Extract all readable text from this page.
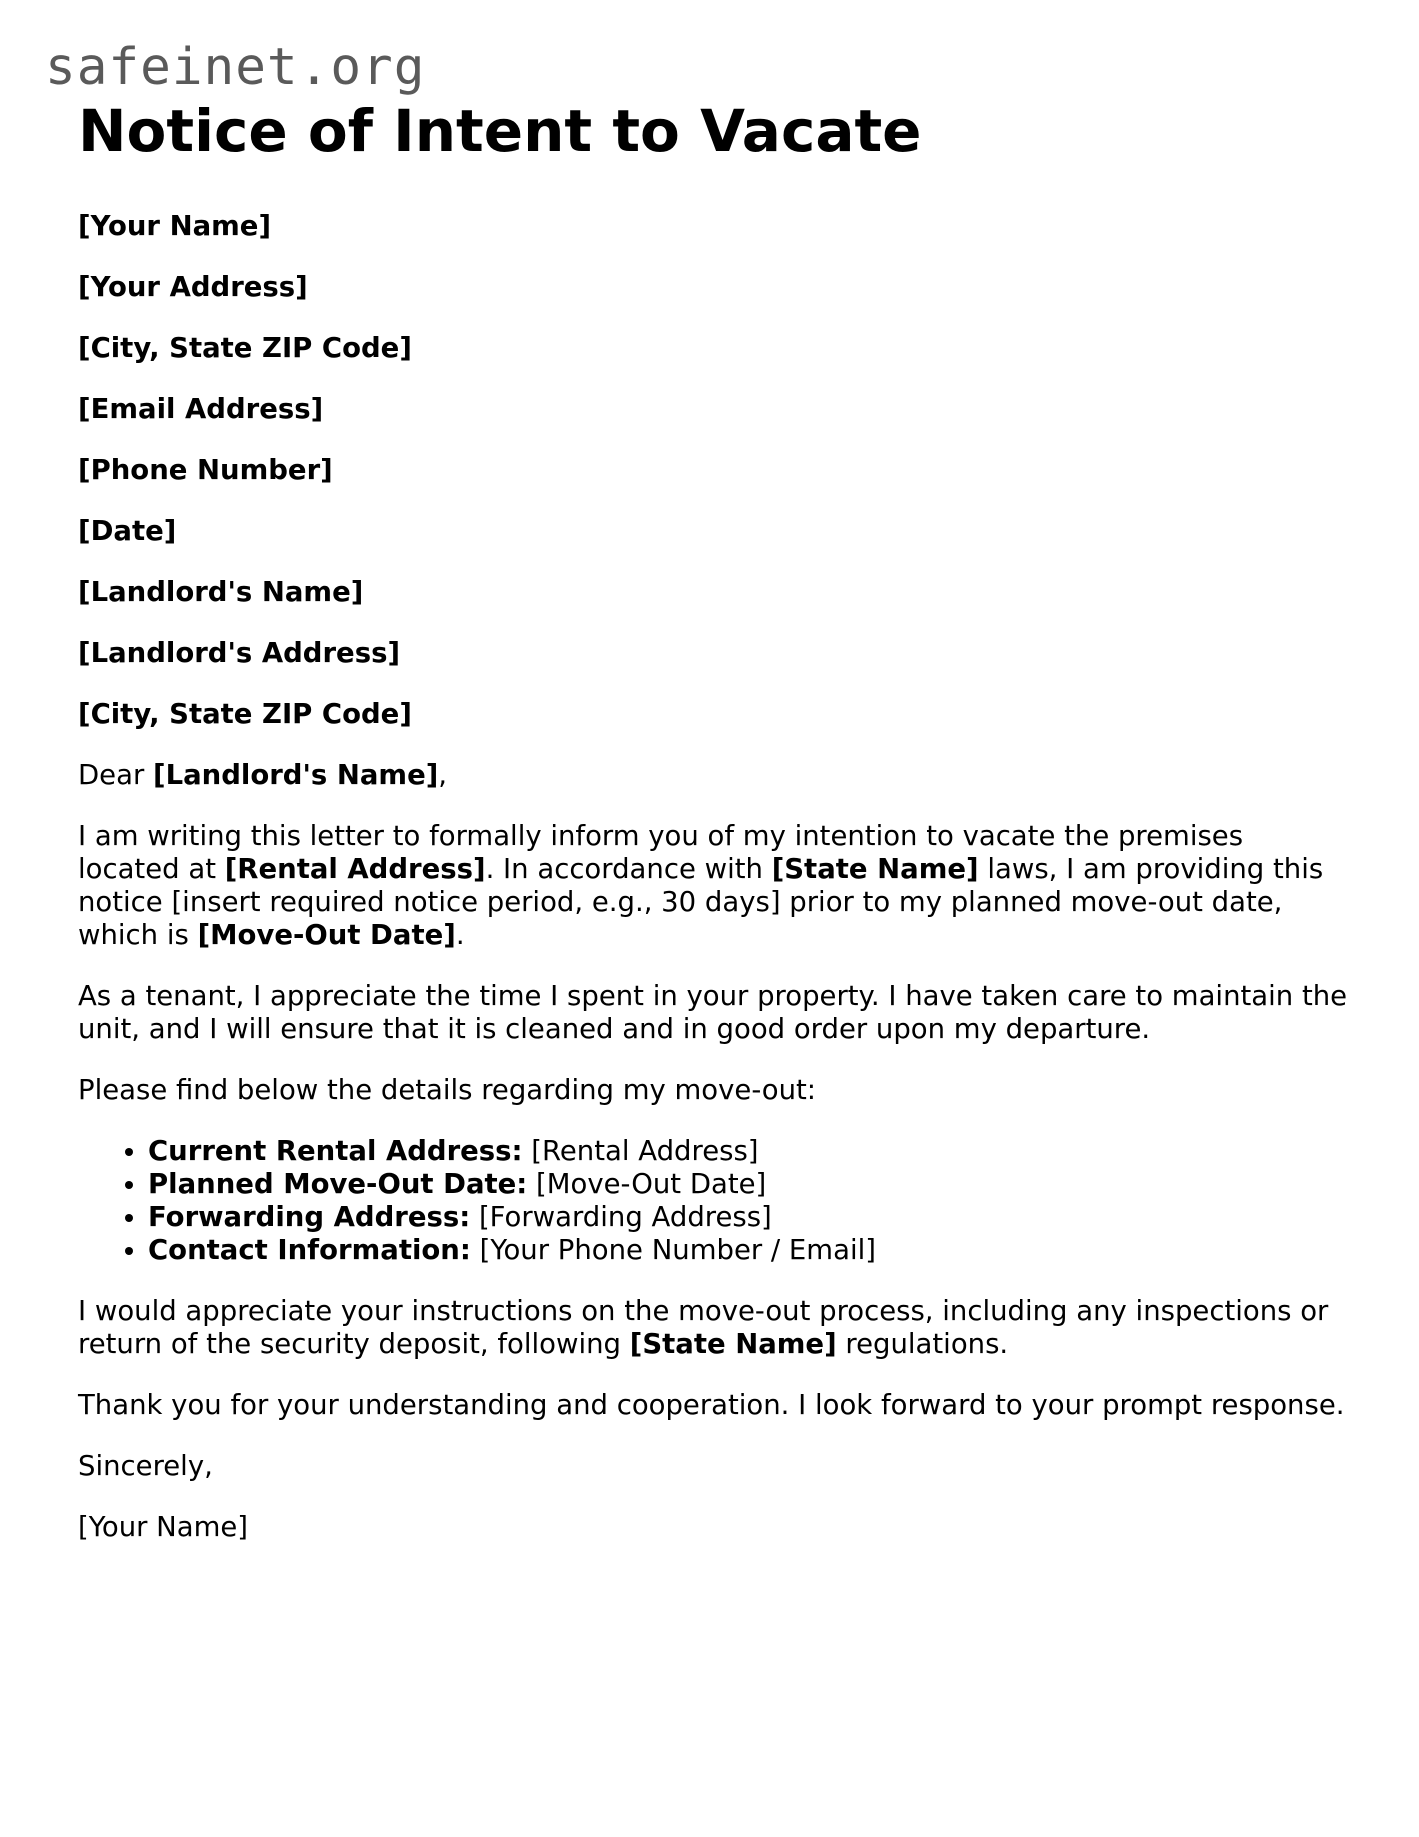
safeinet.org
Notice of Intent to Vacate
[Your Name]
[Your Address]
[City, State ZIP Code]
[Email Address]
[Phone Number]
[Date]
[Landlord's Name]
[Landlord's Address]
[City, State ZIP Code]

Dear [Landlord's Name],

I am writing this letter to formally inform you of my intention to vacate the premises located at [Rental Address]. In accordance with [State Name] laws, I am providing this notice [insert required notice period, e.g., 30 days] prior to my planned move-out date, which is [Move-Out Date].

As a tenant, I appreciate the time I spent in your property. I have taken care to maintain the unit, and I will ensure that it is cleaned and in good order upon my departure.

Please find below the details regarding my move-out:

• Current Rental Address: [Rental Address]
• Planned Move-Out Date: [Move-Out Date]
• Forwarding Address: [Forwarding Address]
• Contact Information: [Your Phone Number / Email]

I would appreciate your instructions on the move-out process, including any inspections or return of the security deposit, following [State Name] regulations.

Thank you for your understanding and cooperation. I look forward to your prompt response.

Sincerely,

[Your Name]
